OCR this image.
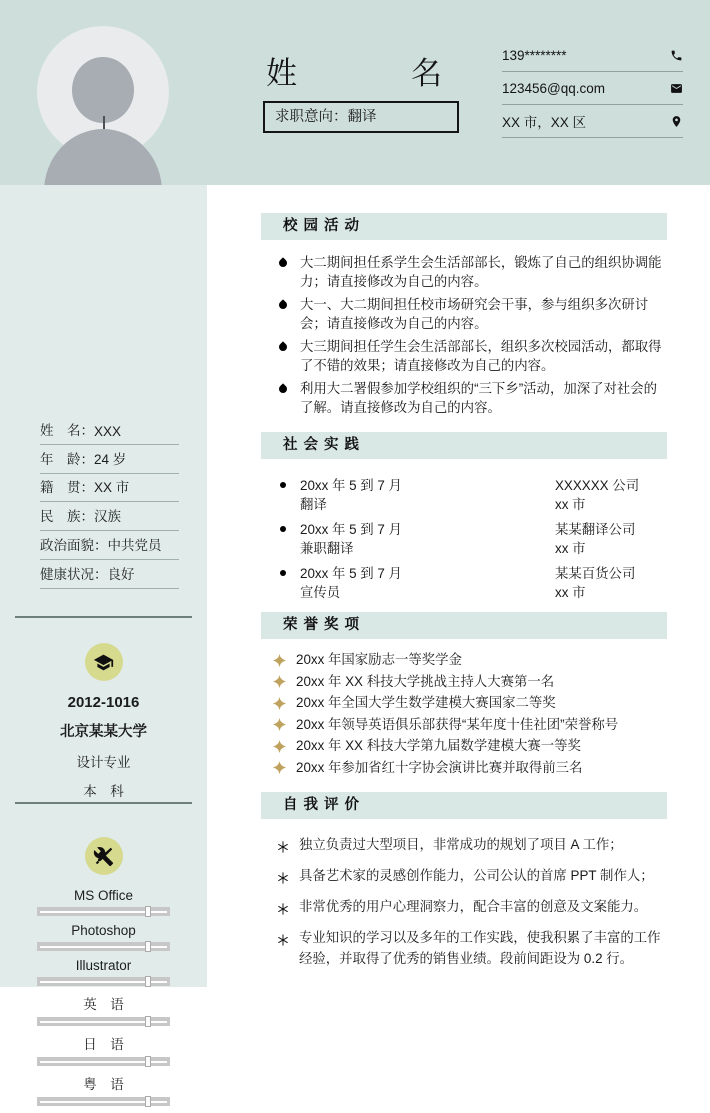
姓	名
求职意向：翻译
139********
123456@qq.com
XX 市，XX 区
姓　名： XXX
年　龄： 24 岁
籍　贯： XX 市
民　族： 汉族
政治面貌： 中共党员
健康状况： 良好
2012-1016
北京某某大学
设计专业
本　科
MS Office
Photoshop
Illustrator
英　语
日　语
粤　语
校园活动
大二期间担任系学生会生活部部长，锻炼了自己的组织协调能力；请直接修改为自己的内容。
大一、大二期间担任校市场研究会干事，参与组织多次研讨会；请直接修改为自己的内容。
大三期间担任学生会生活部部长，组织多次校园活动，都取得了不错的效果；请直接修改为自己的内容。
利用大二署假参加学校组织的“三下乡”活动，加深了对社会的了解。请直接修改为自己的内容。
社会实践
20xx 年 5 到 7 月
翻译
XXXXXX 公司
xx 市
20xx 年 5 到 7 月
兼职翻译
某某翻译公司
xx 市
20xx 年 5 到 7 月
宣传员
某某百货公司
xx 市
荣誉奖项
20xx 年国家励志一等奖学金
20xx 年 XX 科技大学挑战主持人大赛第一名
20xx 年全国大学生数学建模大赛国家二等奖
20xx 年领导英语俱乐部获得“某年度十佳社团”荣誉称号
20xx 年 XX 科技大学第九届数学建模大赛一等奖
20xx 年参加省红十字协会演讲比赛并取得前三名
自我评价
独立负责过大型项目，非常成功的规划了项目 A 工作；
具备艺术家的灵感创作能力，公司公认的首席 PPT 制作人；
非常优秀的用户心理洞察力，配合丰富的创意及文案能力。
专业知识的学习以及多年的工作实践，使我积累了丰富的工作经验，并取得了优秀的销售业绩。段前间距设为 0.2 行。
